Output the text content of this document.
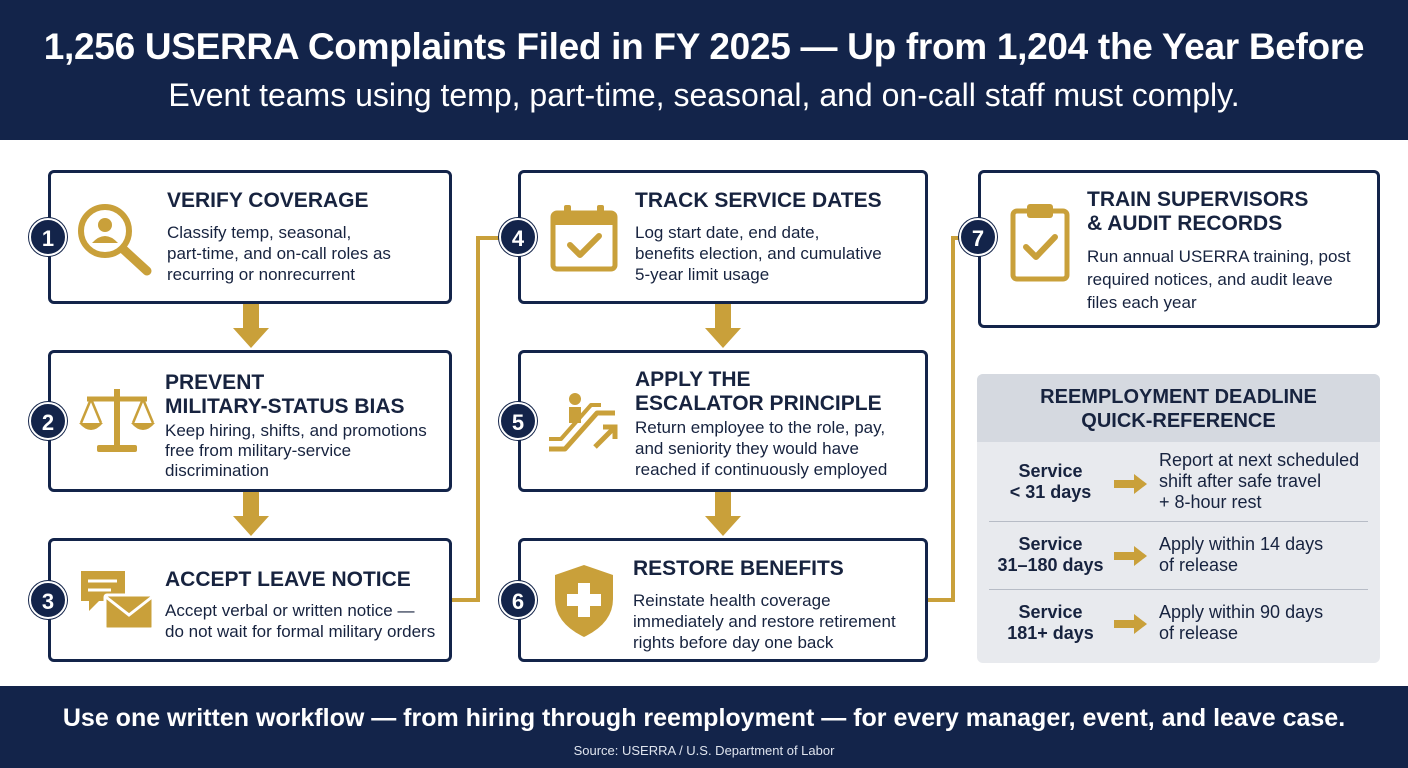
1,256 USERRA Complaints Filed in FY 2025 — Up from 1,204 the Year Before
Event teams using temp, part-time, seasonal, and on-call staff must comply.
VERIFY COVERAGE
Classify temp, seasonal,
part-time, and on-call roles as
recurring or nonrecurrent
1
PREVENT
MILITARY-STATUS BIAS
Keep hiring, shifts, and promotions
free from military-service
discrimination
2
ACCEPT LEAVE NOTICE
Accept verbal or written notice —
do not wait for formal military orders
3
TRACK SERVICE DATES
Log start date, end date,
benefits election, and cumulative
5-year limit usage
4
APPLY THE
ESCALATOR PRINCIPLE
Return employee to the role, pay,
and seniority they would have
reached if continuously employed
5
RESTORE BENEFITS
Reinstate health coverage
immediately and restore retirement
rights before day one back
6
TRAIN SUPERVISORS
& AUDIT RECORDS
Run annual USERRA training, post
required notices, and audit leave
files each year
7
REEMPLOYMENT DEADLINE
QUICK-REFERENCE
Service
< 31 days
Report at next scheduled
shift after safe travel
+ 8-hour rest
Service
31–180 days
Apply within 14 days
of release
Service
181+ days
Apply within 90 days
of release
Use one written workflow — from hiring through reemployment — for every manager, event, and leave case.
Source: USERRA / U.S. Department of Labor
